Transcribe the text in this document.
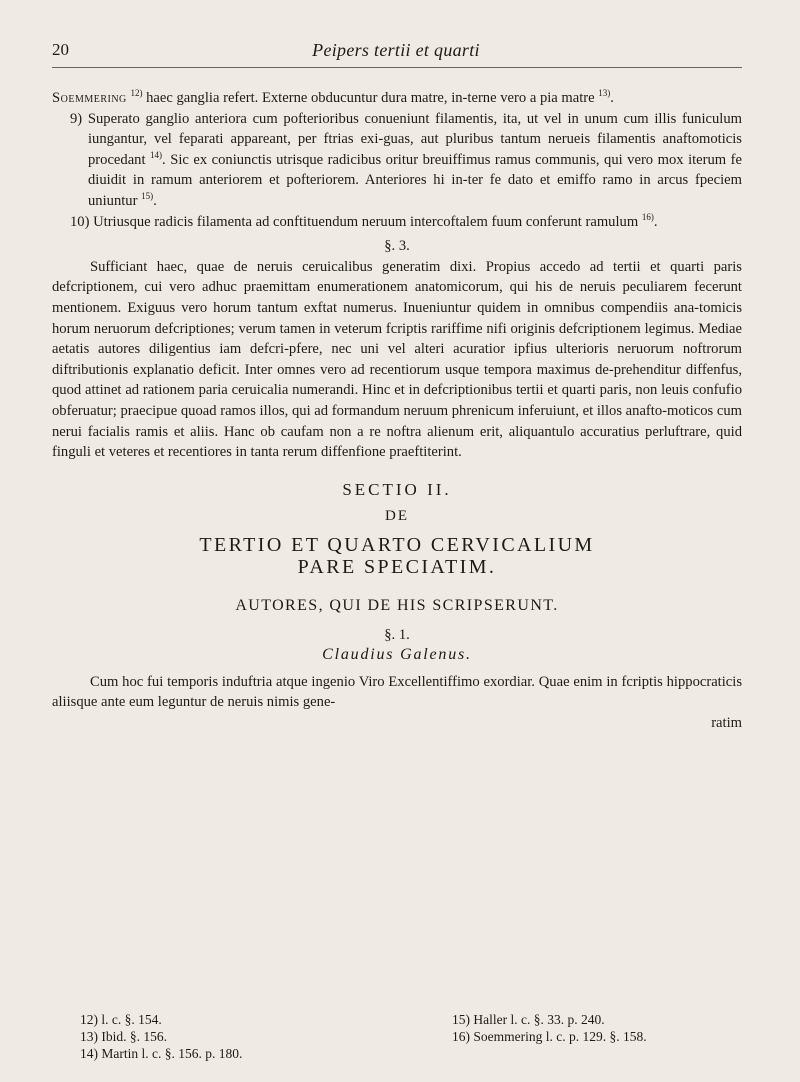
20	Peipers tertii et quarti

Soemmering $^{12)}$ haec ganglia refert. Externe obducuntur dura matre, in-terne vero a pia matre $^{13)}$.

9) Superato ganglio anteriora cum pofterioribus conueniunt filamentis, ita, ut vel in unum cum illis funiculum iungantur, vel feparati appareant, per ftrias exi-guas, aut pluribus tantum nerueis filamentis anaftomoticis procedant $^{14)}$. Sic ex coniunctis utrisque radicibus oritur breuiffimus ramus communis, qui vero mox iterum fe diuidit in ramum anteriorem et pofteriorem. Anteriores hi in-ter fe dato et emiffo ramo in arcus fpeciem uniuntur $^{15)}$.

10) Utriusque radicis filamenta ad conftituendum neruum intercoftalem fuum conferunt ramulum $^{16)}$.

§. 3.

Sufficiant haec, quae de neruis ceruicalibus generatim dixi. Propius accedo ad tertii et quarti paris defcriptionem, cui vero adhuc praemittam enumerationem anatomicorum, qui his de neruis peculiarem fecerunt mentionem. Exiguus vero horum tantum exftat numerus. Inueniuntur quidem in omnibus compendiis ana-tomicis horum neruorum defcriptiones; verum tamen in veterum fcriptis rariffime nifi originis defcriptionem legimus. Mediae aetatis autores diligentius iam defcri-pfere, nec uni vel alteri acuratior ipfius ulterioris neruorum noftrorum diftributionis explanatio deficit. Inter omnes vero ad recentiorum usque tempora maximus de-prehenditur diffenfus, quod attinet ad rationem paria ceruicalia numerandi. Hinc et in defcriptionibus tertii et quarti paris, non leuis confufio obferuatur; praecipue quoad ramos illos, qui ad formandum neruum phrenicum inferuiunt, et illos anafto-moticos cum nerui facialis ramis et aliis. Hanc ob caufam non a re noftra alienum erit, aliquantulo accuratius perluftrare, quid finguli et veteres et recentiores in tanta rerum diffenfione praeftiterint.

SECTIO II.
DE
TERTIO ET QUARTO CERVICALIUM
PARE SPECIATIM.
AUTORES, QUI DE HIS SCRIPSERUNT.
§. 1.
Claudius Galenus.

Cum hoc fui temporis induftria atque ingenio Viro Excellentiffimo exordiar. Quae enim in fcriptis hippocraticis aliisque ante eum leguntur de neruis nimis gene-

ratim

12) l. c. §. 154.
13) Ibid. §. 156.
14) Martin l. c. §. 156. p. 180.
15) Haller l. c. §. 33. p. 240.
16) Soemmering l. c. p. 129. §. 158.
